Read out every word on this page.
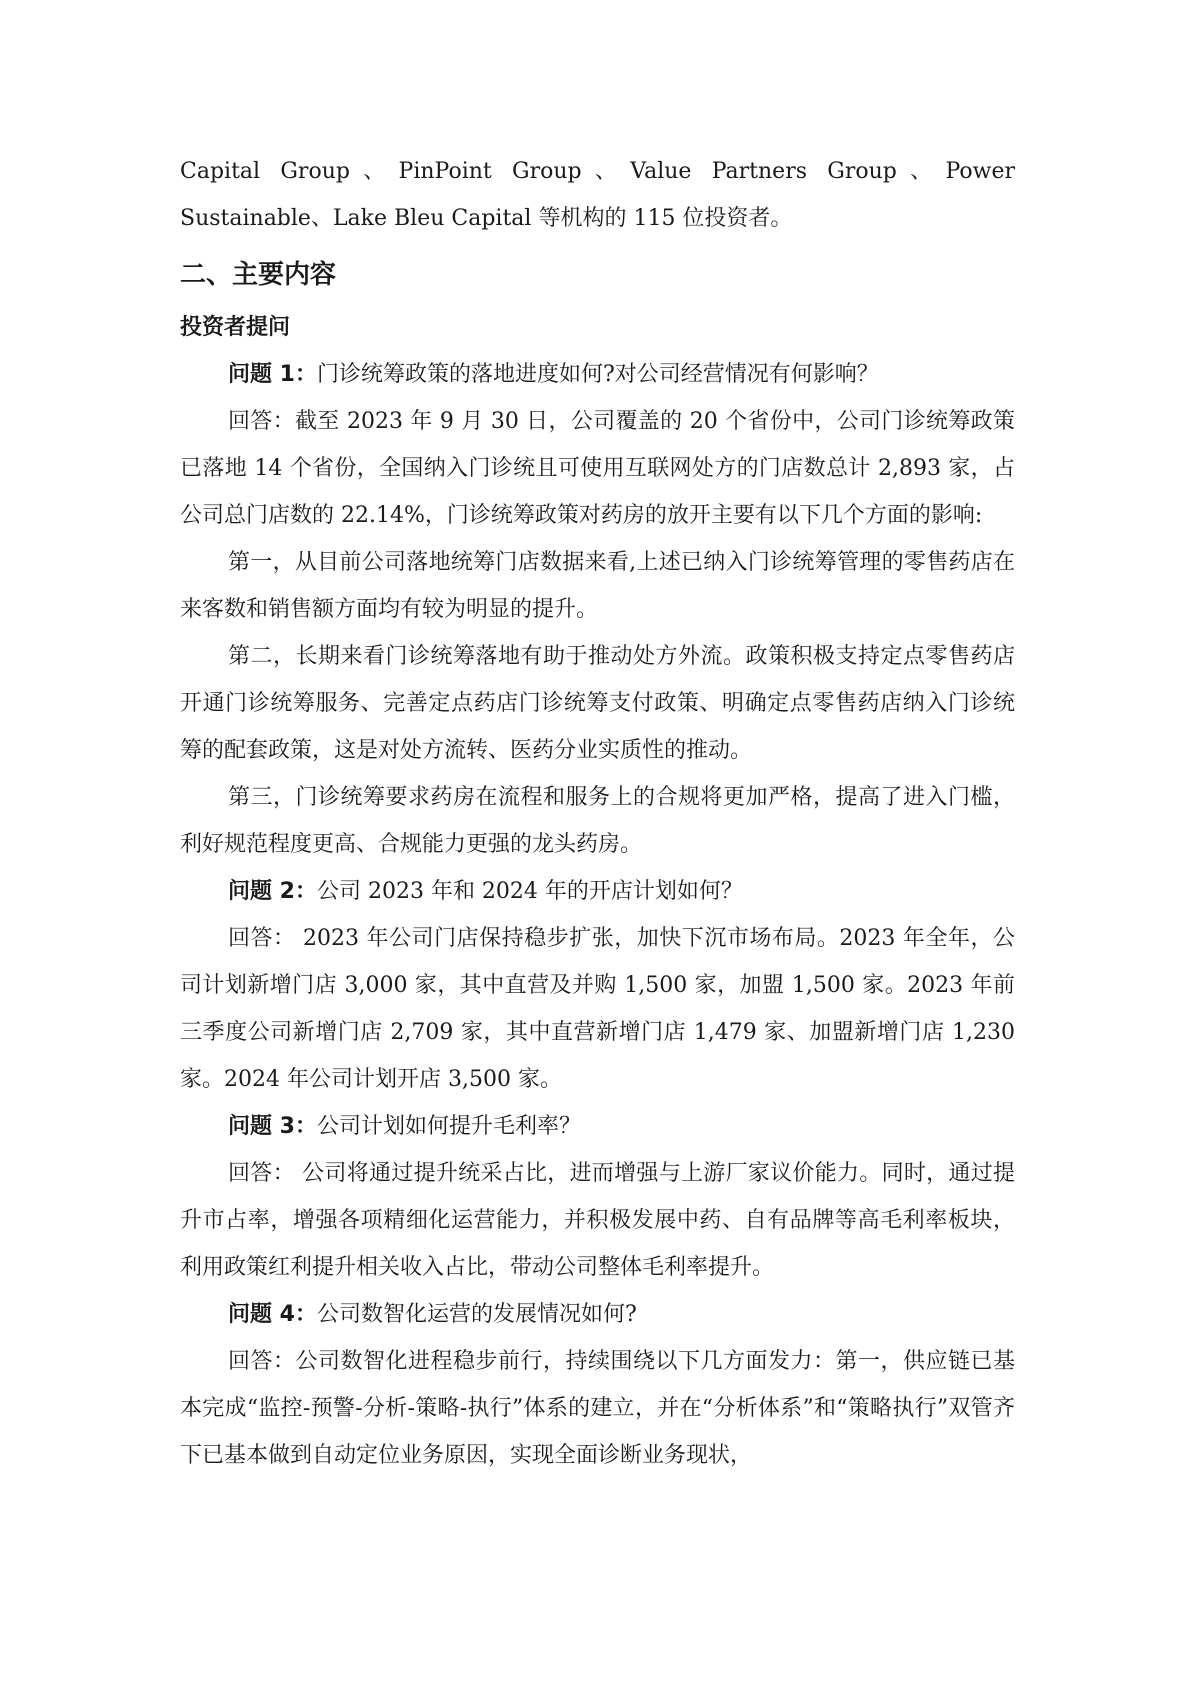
Capital Group、PinPoint Group、Value Partners Group、Power Sustainable、Lake Bleu Capital 等机构的 115 位投资者。

二、主要内容
投资者提问

问题 1：门诊统筹政策的落地进度如何?对公司经营情况有何影响？

回答：截至 2023 年 9 月 30 日，公司覆盖的 20 个省份中，公司门诊统筹政策已落地 14 个省份，全国纳入门诊统且可使用互联网处方的门店数总计 2,893 家，占公司总门店数的 22.14%，门诊统筹政策对药房的放开主要有以下几个方面的影响:

第一，从目前公司落地统筹门店数据来看,上述已纳入门诊统筹管理的零售药店在来客数和销售额方面均有较为明显的提升。

第二，长期来看门诊统筹落地有助于推动处方外流。政策积极支持定点零售药店开通门诊统筹服务、完善定点药店门诊统筹支付政策、明确定点零售药店纳入门诊统筹的配套政策，这是对处方流转、医药分业实质性的推动。

第三，门诊统筹要求药房在流程和服务上的合规将更加严格，提高了进入门槛，利好规范程度更高、合规能力更强的龙头药房。

问题 2：公司 2023 年和 2024 年的开店计划如何？

回答： 2023 年公司门店保持稳步扩张，加快下沉市场布局。2023 年全年，公司计划新增门店 3,000 家，其中直营及并购 1,500 家，加盟 1,500 家。2023 年前三季度公司新增门店 2,709 家，其中直营新增门店 1,479 家、加盟新增门店 1,230 家。2024 年公司计划开店 3,500 家。

问题 3：公司计划如何提升毛利率？

回答： 公司将通过提升统采占比，进而增强与上游厂家议价能力。同时，通过提升市占率，增强各项精细化运营能力，并积极发展中药、自有品牌等高毛利率板块，利用政策红利提升相关收入占比，带动公司整体毛利率提升。

问题 4：公司数智化运营的发展情况如何?

回答：公司数智化进程稳步前行，持续围绕以下几方面发力：第一，供应链已基本完成“监控-预警-分析-策略-执行”体系的建立，并在“分析体系”和“策略执行”双管齐下已基本做到自动定位业务原因，实现全面诊断业务现状，
